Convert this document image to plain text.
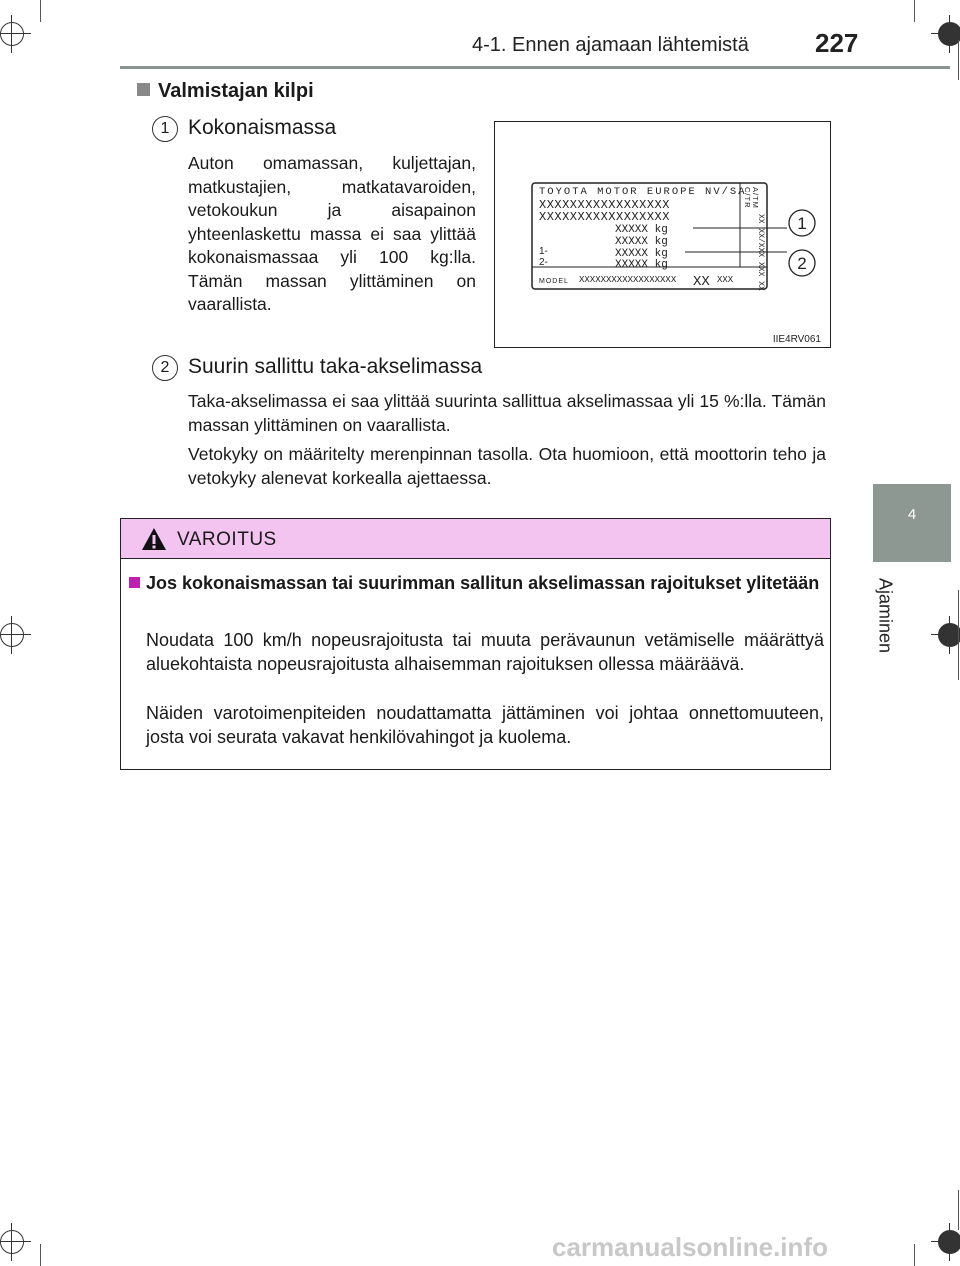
4-1. Ennen ajamaan lähtemistä	227
4
Ajaminen
Valmistajan kilpi
1 Kokonaismassa
Auton omamassan, kuljettajan, matkustajien, matkatavaroiden, vetokoukun ja aisapainon yhteenlaskettu massa ei saa ylittää kokonaismassaa yli 100 kg:lla. Tämän massan ylittäminen on vaarallista.
TOYOTA MOTOR EUROPE NV/SA
XXXXXXXXXXXXXXXXX
XXXXXXXXXXXXXXXXX
XXXXX kg
XXXXX kg
XXXXX kg
XXXXX kg
1-
2-
MODEL XXXXXXXXXXXXXXXXXX XX XXX
C/TR A/TM
XX XX/XXX XXX XX 1
2
IIE4RV061
2 Suurin sallittu taka-akselimassa
Taka-akselimassa ei saa ylittää suurinta sallittua akselimassaa yli 15 %:lla. Tämän massan ylittäminen on vaarallista.
Vetokyky on määritelty merenpinnan tasolla. Ota huomioon, että moottorin teho ja vetokyky alenevat korkealla ajettaessa.
VAROITUS
Jos kokonaismassan tai suurimman sallitun akselimassan rajoitukset ylitetään
Noudata 100 km/h nopeusrajoitusta tai muuta perävaunun vetämiselle määrättyä aluekohtaista nopeusrajoitusta alhaisemman rajoituksen ollessa määräävä.
Näiden varotoimenpiteiden noudattamatta jättäminen voi johtaa onnettomuuteen, josta voi seurata vakavat henkilövahingot ja kuolema.
carmanualsonline.info
